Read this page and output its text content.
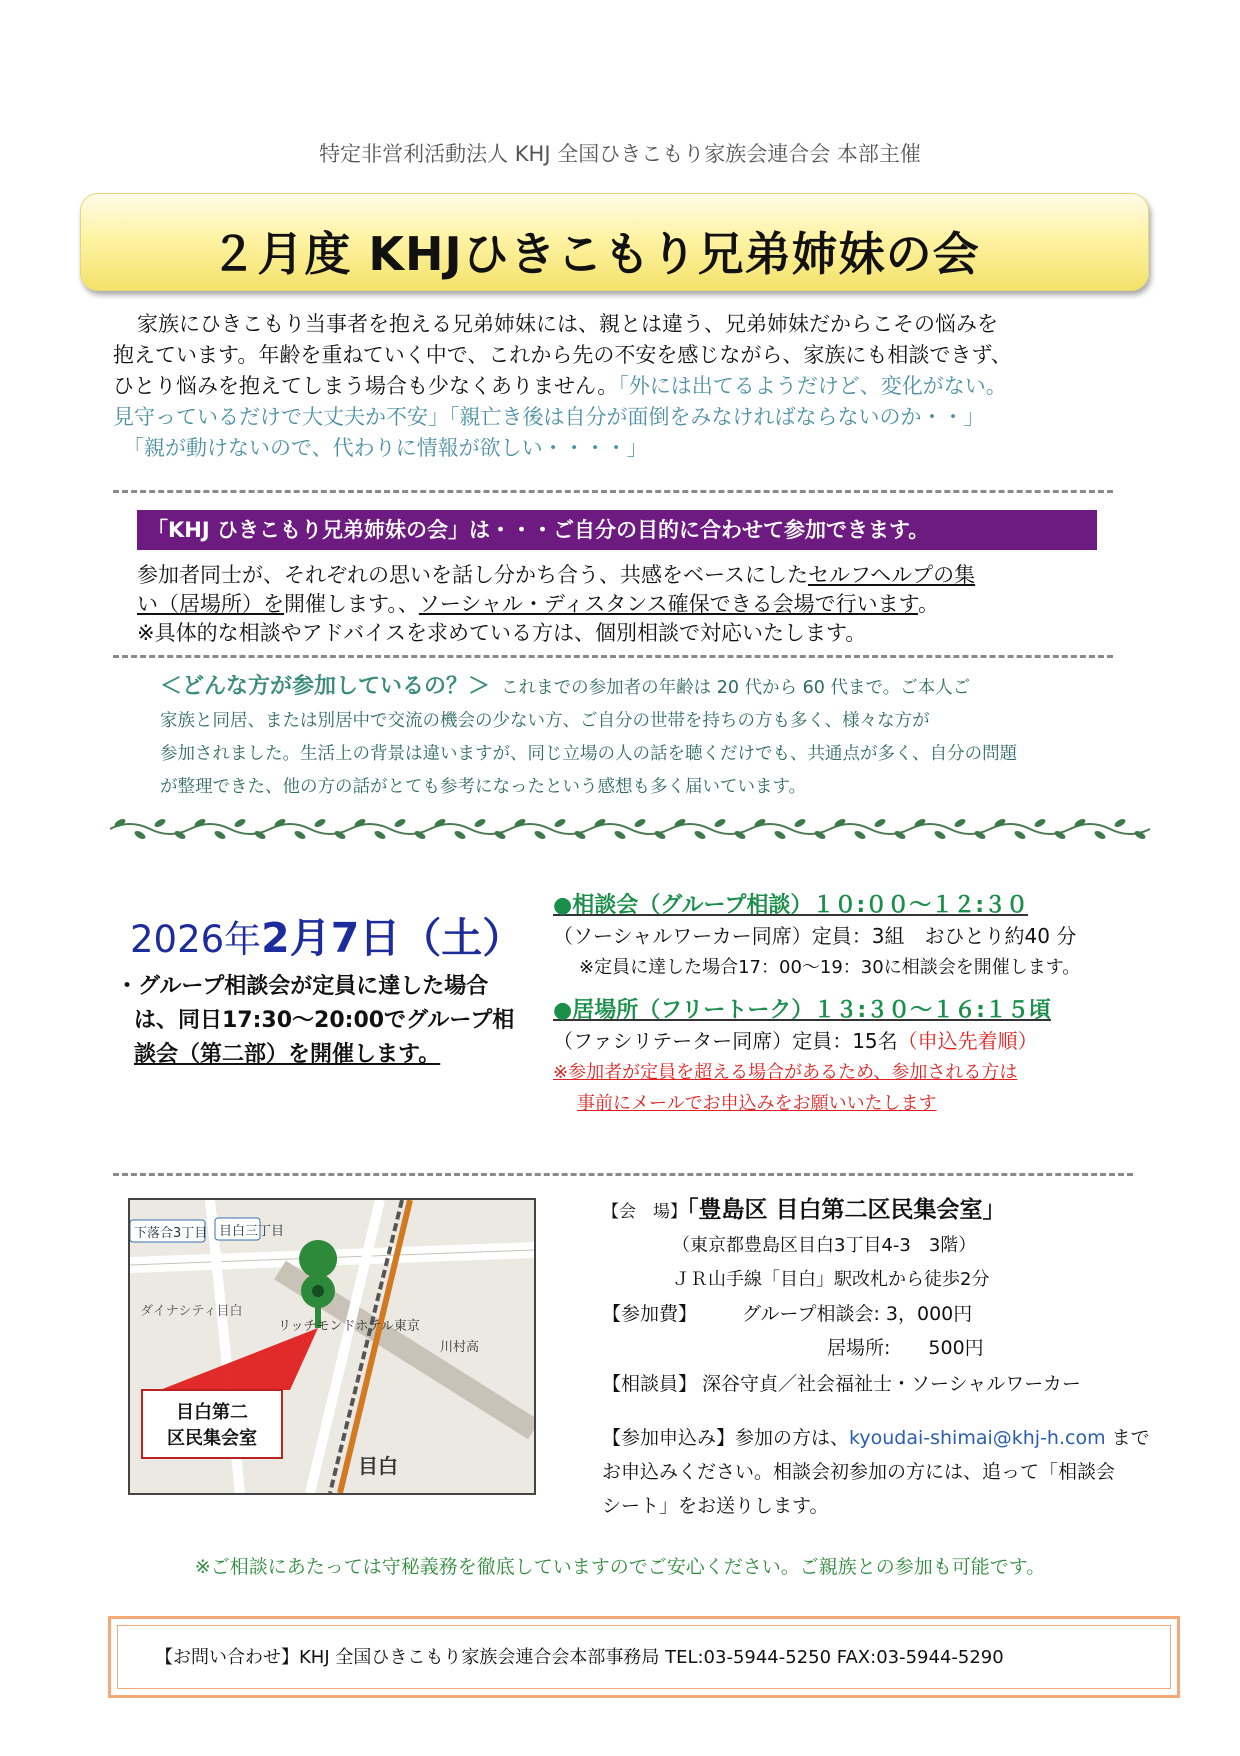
特定非営利活動法人 KHJ 全国ひきこもり家族会連合会 本部主催
２月度 KHJひきこもり兄弟姉妹の会
家族にひきこもり当事者を抱える兄弟姉妹には、親とは違う、兄弟姉妹だからこその悩みを
抱えています。年齢を重ねていく中で、これから先の不安を感じながら、家族にも相談できず、
ひとり悩みを抱えてしまう場合も少なくありません。「外には出てるようだけど、変化がない。
見守っているだけで大丈夫か不安」「親亡き後は自分が面倒をみなければならないのか・・」
「親が動けないので、代わりに情報が欲しい・・・・」
「KHJ ひきこもり兄弟姉妹の会」は・・・ご自分の目的に合わせて参加できます。
参加者同士が、それぞれの思いを話し分かち合う、共感をベースにしたセルフヘルプの集
い（居場所）を開催します。、ソーシャル・ディスタンス確保できる会場で行います。
※具体的な相談やアドバイスを求めている方は、個別相談で対応いたします。
＜どんな方が参加しているの？＞ これまでの参加者の年齢は 20 代から 60 代まで。ご本人ご
家族と同居、または別居中で交流の機会の少ない方、ご自分の世帯を持ちの方も多く、様々な方が
参加されました。生活上の背景は違いますが、同じ立場の人の話を聴くだけでも、共通点が多く、自分の問題
が整理できた、他の方の話がとても参考になったという感想も多く届いています。
2026年2月7日（土）
・グループ相談会が定員に達した場合
は、同日17:30～20:00でグループ相
談会（第二部）を開催します。
●相談会（グループ相談）１０:００～１２:３０
（ソーシャルワーカー同席）定員：3組　おひとり約40 分
※定員に達した場合17：00～19：30に相談会を開催します。
●居場所（フリートーク）１３:３０～１６:１５頃
（ファシリテーター同席）定員：15名（申込先着順）
※参加者が定員を超える場合があるため、参加される方は
事前にメールでお申込みをお願いいたします
下落合3丁目 目白三丁目
ダイナシティ目白
リッチモンドホテル東京
川村高
目白
目白第二
区民集会室
【会　場】「豊島区 目白第二区民集会室」
（東京都豊島区目白3丁目4-3　3階）
ＪＲ山手線「目白」駅改札から徒歩2分
【参加費】 グループ相談会: 3，000円
居場所:　　500円
【相談員】 深谷守貞／社会福祉士・ソーシャルワーカー
【参加申込み】参加の方は、kyoudai-shimai@khj-h.com まで
お申込みください。相談会初参加の方には、追って「相談会
シート」をお送りします。
※ご相談にあたっては守秘義務を徹底していますのでご安心ください。ご親族との参加も可能です。
【お問い合わせ】KHJ 全国ひきこもり家族会連合会本部事務局 TEL:03-5944-5250 FAX:03-5944-5290
